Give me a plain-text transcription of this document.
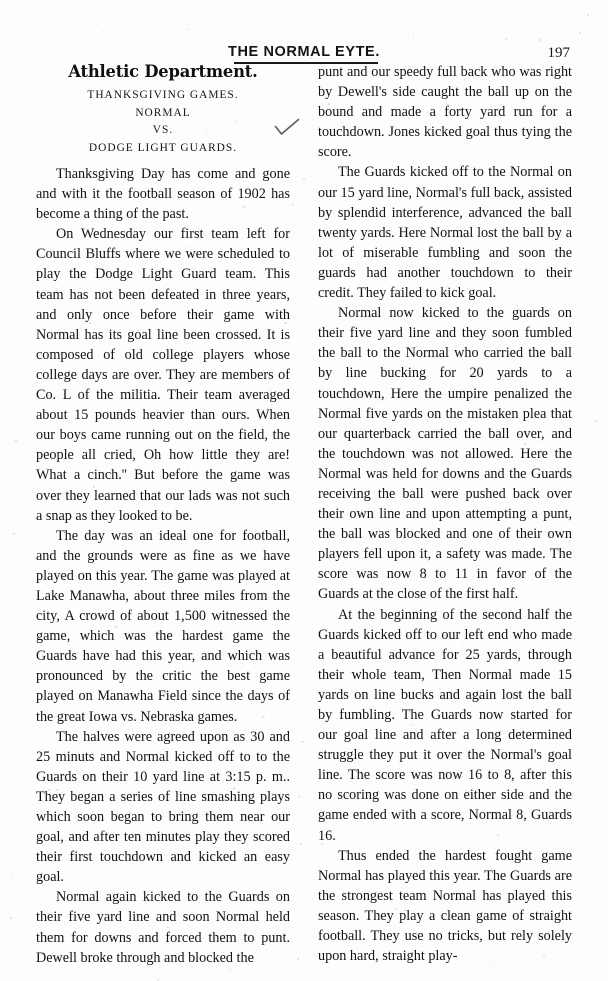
THE NORMAL EYTE.	197
Athletic Department.
THANKSGIVING GAMES.
NORMAL
VS.
DODGE LIGHT GUARDS.

Thanksgiving Day has come and gone and with it the football season of 1902 has become a thing of the past.

On Wednesday our first team left for Council Bluffs where we were scheduled to play the Dodge Light Guard team. This team has not been defeated in three years, and only once before their game with Normal has its goal line been crossed. It is composed of old college players whose college days are over. They are members of Co. L of the militia. Their team averaged about 15 pounds heavier than ours. When our boys came running out on the field, the people all cried, Oh how little they are! What a cinch.'' But before the game was over they learned that our lads was not such a snap as they looked to be.

The day was an ideal one for football, and the grounds were as fine as we have played on this year. The game was played at Lake Manawha, about three miles from the city, A crowd of about 1,500 witnessed the game, which was the hardest game the Guards have had this year, and which was pronounced by the critic the best game played on Manawha Field since the days of the great Iowa vs. Nebraska games.

The halves were agreed upon as 30 and 25 minuts and Normal kicked off to to the Guards on their 10 yard line at 3:15 p. m.. They began a series of line smashing plays which soon began to bring them near our goal, and after ten minutes play they scored their first touchdown and kicked an easy goal.

Normal again kicked to the Guards on their five yard line and soon Normal held them for downs and forced them to punt. Dewell broke through and blocked the

punt and our speedy full back who was right by Dewell's side caught the ball up on the bound and made a forty yard run for a touchdown. Jones kicked goal thus tying the score.

The Guards kicked off to the Normal on our 15 yard line, Normal's full back, assisted by splendid interference, advanced the ball twenty yards. Here Normal lost the ball by a lot of miserable fumbling and soon the guards had another touchdown to their credit. They failed to kick goal.

Normal now kicked to the guards on their five yard line and they soon fumbled the ball to the Normal who carried the ball by line bucking for 20 yards to a touchdown, Here the umpire penalized the Normal five yards on the mistaken plea that our quarterback carried the ball over, and the touchdown was not allowed. Here the Normal was held for downs and the Guards receiving the ball were pushed back over their own line and upon attempting a punt, the ball was blocked and one of their own players fell upon it, a safety was made. The score was now 8 to 11 in favor of the Guards at the close of the first half.

At the beginning of the second half the Guards kicked off to our left end who made a beautiful advance for 25 yards, through their whole team, Then Normal made 15 yards on line bucks and again lost the ball by fumbling. The Guards now started for our goal line and after a long determined struggle they put it over the Normal's goal line. The score was now 16 to 8, after this no scoring was done on either side and the game ended with a score, Normal 8, Guards 16.

Thus ended the hardest fought game Normal has played this year. The Guards are the strongest team Normal has played this season. They play a clean game of straight football. They use no tricks, but rely solely upon hard, straight play-
